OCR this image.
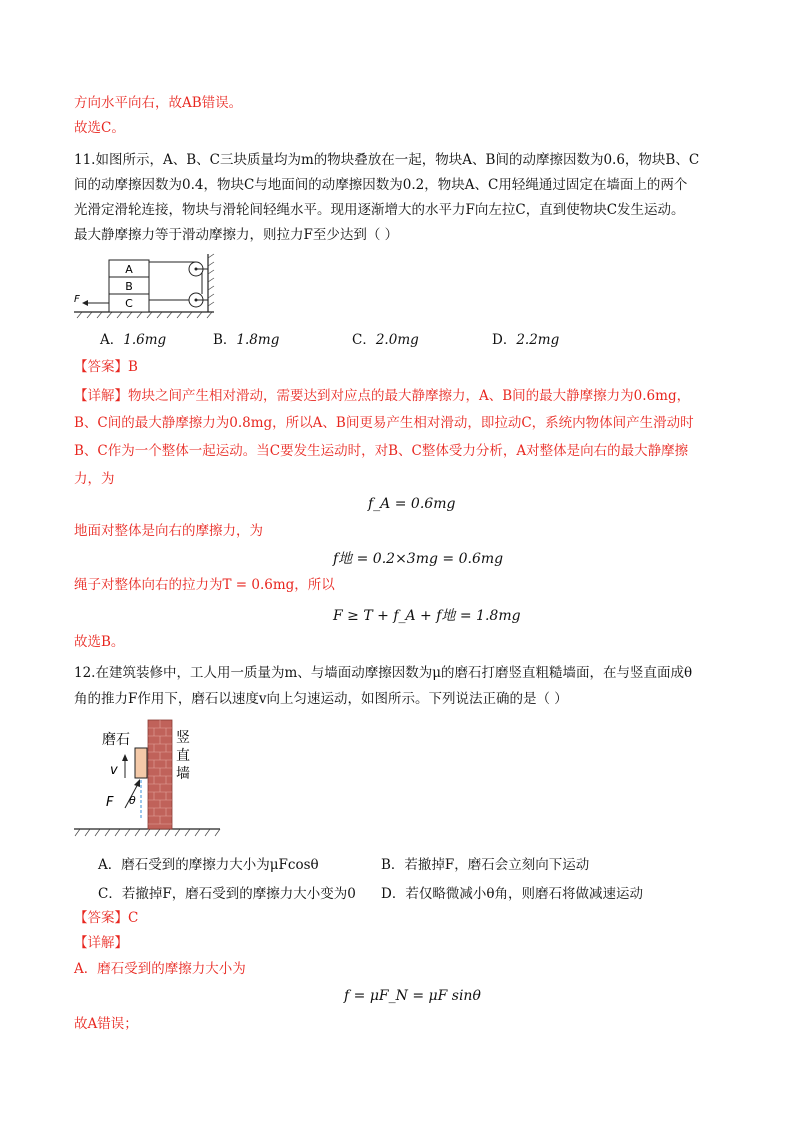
方向水平向右，故AB错误。
故选C。
11.如图所示，A、B、C三块质量均为m的物块叠放在一起，物块A、B间的动摩擦因数为0.6，物块B、C
间的动摩擦因数为0.4，物块C与地面间的动摩擦因数为0.2，物块A、C用轻绳通过固定在墙面上的两个
光滑定滑轮连接，物块与滑轮间轻绳水平。现用逐渐增大的水平力F向左拉C，直到使物块C发生运动。
最大静摩擦力等于滑动摩擦力，则拉力F至少达到（ ）
A
B
C
F
A．1.6mg	B．1.8mg	C．2.0mg	D．2.2mg
【答案】B
【详解】物块之间产生相对滑动，需要达到对应点的最大静摩擦力，A、B间的最大静摩擦力为0.6mg，
B、C间的最大静摩擦力为0.8mg，所以A、B间更易产生相对滑动，即拉动C，系统内物体间产生滑动时
B、C作为一个整体一起运动。当C要发生运动时，对B、C整体受力分析，A对整体是向右的最大静摩擦
力，为
f_A = 0.6mg
地面对整体是向右的摩擦力，为
f地 = 0.2×3mg = 0.6mg
绳子对整体向右的拉力为T = 0.6mg，所以
F ≥ T + f_A + f地 = 1.8mg
故选B。
12.在建筑装修中，工人用一质量为m、与墙面动摩擦因数为μ的磨石打磨竖直粗糙墙面，在与竖直面成θ
角的推力F作用下，磨石以速度v向上匀速运动，如图所示。下列说法正确的是（ ）
磨石	竖
直
墙
v
F θ
A．磨石受到的摩擦力大小为μFcosθ	B．若撤掉F，磨石会立刻向下运动
C．若撤掉F，磨石受到的摩擦力大小变为0 D．若仅略微减小θ角，则磨石将做减速运动
【答案】C
【详解】
A．磨石受到的摩擦力大小为
f = μF_N = μF sinθ
故A错误；
